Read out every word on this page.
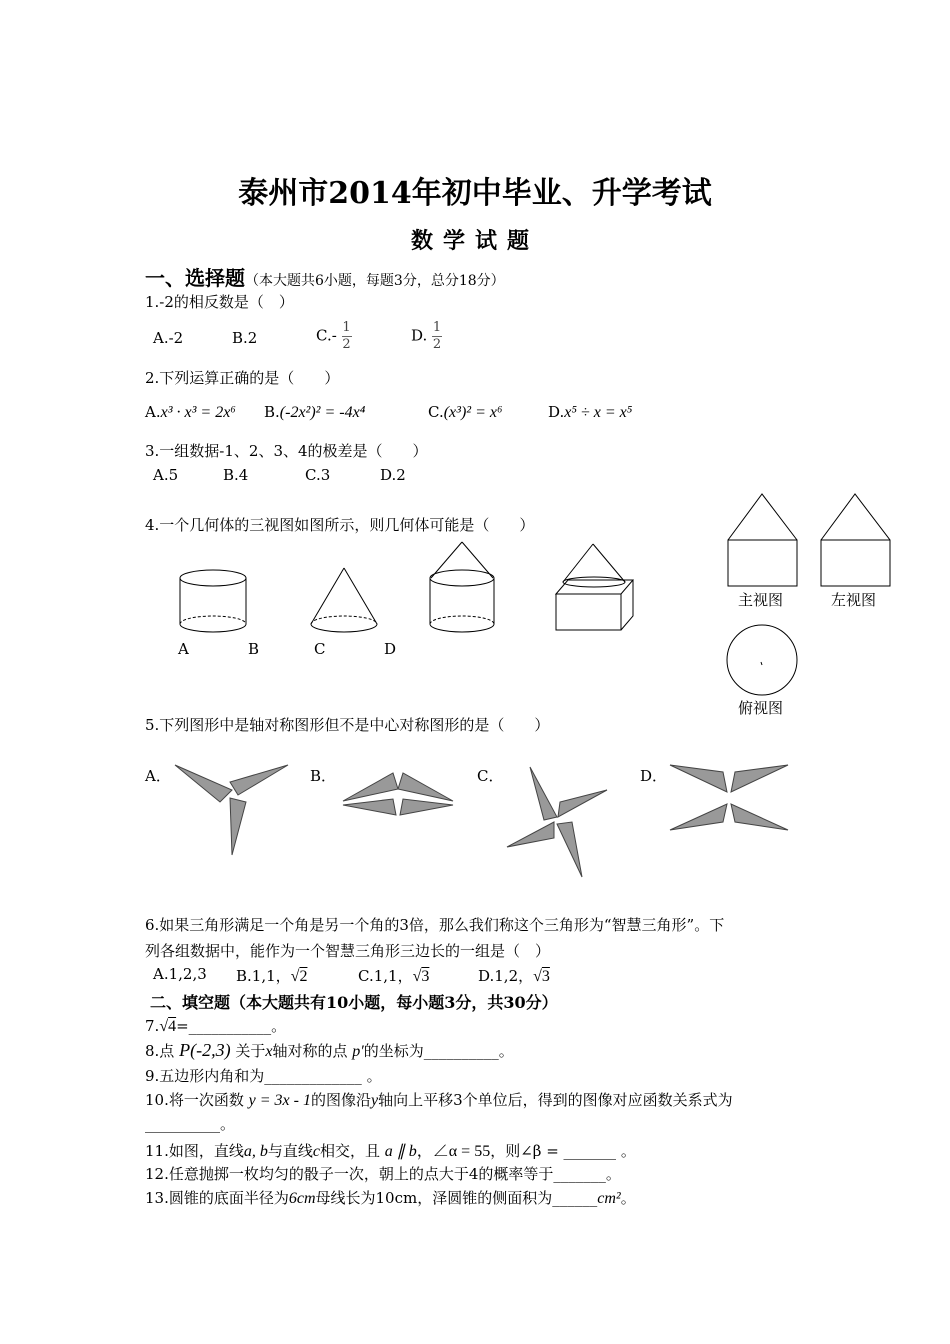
泰州市2014年初中毕业、升学考试
数学试题
一、选择题（本大题共6小题，每题3分，总分18分）
1.-2的相反数是（　）
A.-2	B.2	$C.- \frac{1}{2}$	D. $\frac{1}{2}$
2.下列运算正确的是（　　）
A.x³ · x³ = 2x⁶ B.(-2x²)² = -4x⁴	C.(x³)² = x⁶	D.x⁵ ÷ x = x⁵
3.一组数据-1、2、3、4的极差是（　　）
A.5	B.4	C.3	D.2
4.一个几何体的三视图如图所示，则几何体可能是（　　）
主视图	左视图
俯视图
A	B	C	D
5.下列图形中是轴对称图形但不是中心对称图形的是（　　）
A．	B．	C．	D．
6.如果三角形满足一个角是另一个角的3倍，那么我们称这个三角形为“智慧三角形”。下
列各组数据中，能作为一个智慧三角形三边长的一组是（　）
A.1,2,3 B.1,1，√2	C.1,1，√3	D.1,2，√3
二、填空题（本大题共有10小题，每小题3分，共30分）
7.√4=___________。
8.点 P(-2,3) 关于x轴对称的点 p′的坐标为__________。
9.五边形内角和为_____________ 。
10.将一次函数 y = 3x - 1的图像沿y轴向上平移3个单位后，得到的图像对应函数关系式为
__________。
11.如图，直线a, b与直线c相交，且 a ∥ b，∠α = 55，则∠β = _______ 。
12.任意抛掷一枚均匀的骰子一次，朝上的点大于4的概率等于_______。
13.圆锥的底面半径为6cm母线长为10cm，泽圆锥的侧面积为______cm²。
